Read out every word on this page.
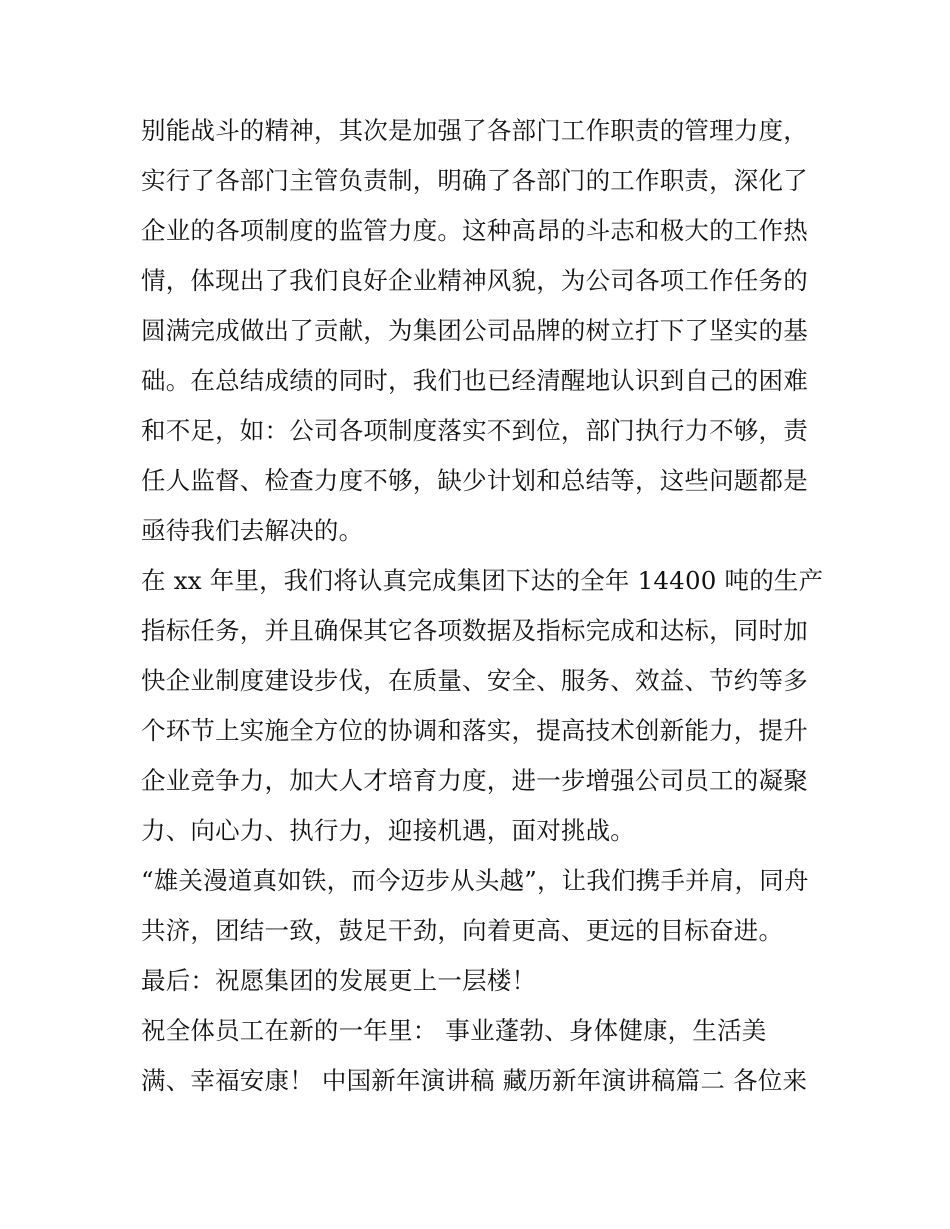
别能战斗的精神，其次是加强了各部门工作职责的管理力度，
实行了各部门主管负责制，明确了各部门的工作职责，深化了
企业的各项制度的监管力度。这种高昂的斗志和极大的工作热
情，体现出了我们良好企业精神风貌，为公司各项工作任务的
圆满完成做出了贡献，为集团公司品牌的树立打下了坚实的基
础。在总结成绩的同时，我们也已经清醒地认识到自己的困难
和不足，如：公司各项制度落实不到位，部门执行力不够，责
任人监督、检查力度不够，缺少计划和总结等，这些问题都是
亟待我们去解决的。
在 xx 年里，我们将认真完成集团下达的全年 14400 吨的生产
指标任务，并且确保其它各项数据及指标完成和达标，同时加
快企业制度建设步伐，在质量、安全、服务、效益、节约等多
个环节上实施全方位的协调和落实，提高技术创新能力，提升
企业竞争力，加大人才培育力度，进一步增强公司员工的凝聚
力、向心力、执行力，迎接机遇，面对挑战。
“雄关漫道真如铁，而今迈步从头越”，让我们携手并肩，同舟
共济，团结一致，鼓足干劲，向着更高、更远的目标奋进。
最后：祝愿集团的发展更上一层楼！
祝全体员工在新的一年里： 事业蓬勃、身体健康，生活美
满、幸福安康！ 中国新年演讲稿 藏历新年演讲稿篇二 各位来
